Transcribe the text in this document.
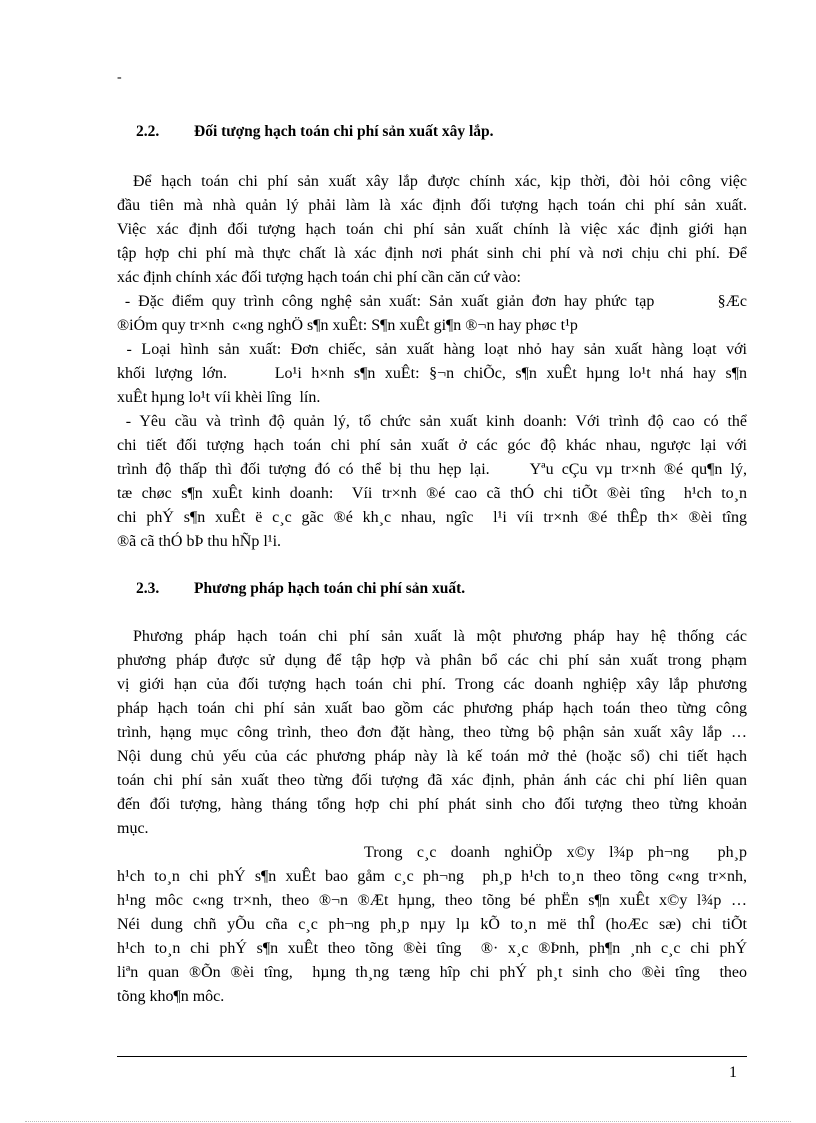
-
2.2. Đối tượng hạch toán chi phí sản xuất xây lắp.
Để hạch toán chi phí sản xuất xây lắp được chính xác, kịp thời, đòi hỏi công việc
đầu tiên mà nhà quản lý phải làm là xác định đối tượng hạch toán chi phí sản xuất.
Việc xác định đối tượng hạch toán chi phí sản xuất chính là việc xác định giới hạn
tập hợp chi phí mà thực chất là xác định nơi phát sinh chi phí và nơi chịu chi phí. Để
xác định chính xác đối tượng hạch toán chi phí cần căn cứ vào:
- Đặc điểm quy trình công nghệ sản xuất: Sản xuất giản đơn hay phức tạp        §Æc
®iÓm quy tr×nh  c«ng nghÖ s¶n xuÊt: S¶n xuÊt gi¶n ®¬n hay phøc t¹p
- Loại hình sản xuất: Đơn chiếc, sản xuất hàng loạt nhỏ hay sản xuất hàng loạt với
khối lượng lớn.     Lo¹i h×nh s¶n xuÊt: §¬n chiÕc, s¶n xuÊt hµng lo¹t nhá hay s¶n
xuÊt hµng lo¹t víi khèi lîng  lín.
- Yêu cầu và trình độ quản lý, tổ chức sản xuất kinh doanh: Với trình độ cao có thể
chi tiết đối tượng hạch toán chi phí sản xuất ở các góc độ khác nhau, ngược lại với
trình độ thấp thì đối tượng đó có thể bị thu hẹp lại.     Yªu cÇu vµ tr×nh ®é qu¶n lý,
tæ chøc s¶n xuÊt kinh doanh:  Víi tr×nh ®é cao cã thÓ chi tiÕt ®èi tîng  h¹ch to¸n
chi phÝ s¶n xuÊt ë c¸c gãc ®é kh¸c nhau, ngîc  l¹i víi tr×nh ®é thÊp th× ®èi tîng
®ã cã thÓ bÞ thu hÑp l¹i.
2.3. Phương pháp hạch toán chi phí sản xuất.
Phương pháp hạch toán chi phí sản xuất là một phương pháp hay hệ thống các
phương pháp được sử dụng để tập hợp và phân bổ các chi phí sản xuất trong phạm
vị giới hạn của đối tượng hạch toán chi phí. Trong các doanh nghiệp xây lắp phương
pháp hạch toán chi phí sản xuất bao gồm các phương pháp hạch toán theo từng công
trình, hạng mục công trình, theo đơn đặt hàng, theo từng bộ phận sản xuất xây lắp …
Nội dung chủ yếu của các phương pháp này là kế toán mở thẻ (hoặc sổ) chi tiết hạch
toán chi phí sản xuất theo từng đối tượng đã xác định, phản ánh các chi phí liên quan
đến đối tượng, hàng tháng tổng hợp chi phí phát sinh cho đối tượng theo từng khoản
mục.
Trong c¸c doanh nghiÖp x©y l¾p ph¬ng  ph¸p
h¹ch to¸n chi phÝ s¶n xuÊt bao gåm c¸c ph¬ng  ph¸p h¹ch to¸n theo tõng c«ng tr×nh,
h¹ng môc c«ng tr×nh, theo ®¬n ®Æt hµng, theo tõng bé phËn s¶n xuÊt x©y l¾p …
Néi dung chñ yÕu cña c¸c ph¬ng ph¸p nµy lµ kÕ to¸n më thÎ (hoÆc sæ) chi tiÕt
h¹ch to¸n chi phÝ s¶n xuÊt theo tõng ®èi tîng  ®· x¸c ®Þnh, ph¶n ¸nh c¸c chi phÝ
liªn quan ®Õn ®èi tîng,  hµng th¸ng tæng hîp chi phÝ ph¸t sinh cho ®èi tîng  theo
tõng kho¶n môc.
1
